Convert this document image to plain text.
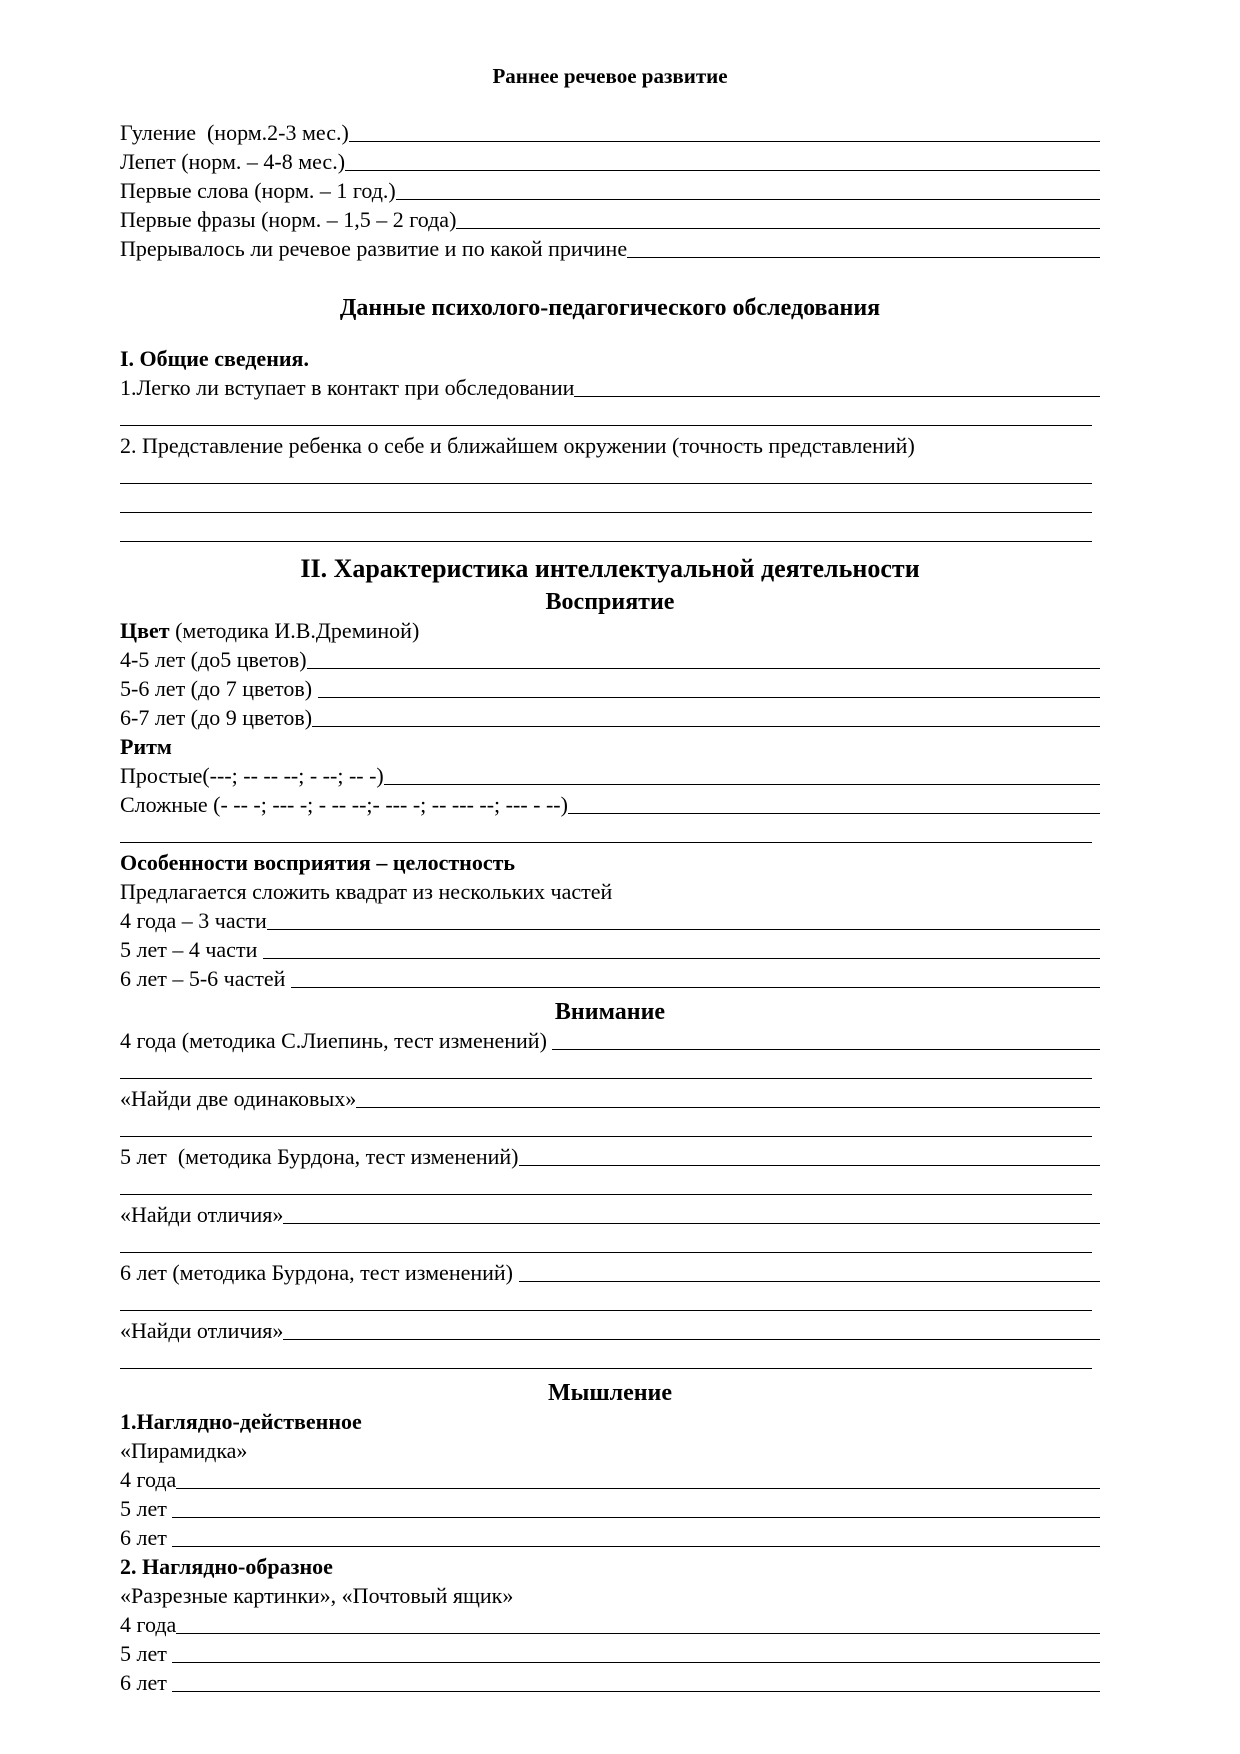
Раннее речевое развитие
Гуление  (норм.2-3 мес.)
Лепет (норм. – 4-8 мес.)
Первые слова (норм. – 1 год.)
Первые фразы (норм. – 1,5 – 2 года)
Прерывалось ли речевое развитие и по какой причине
Данные психолого-педагогического обследования
I. Общие сведения.
1.Легко ли вступает в контакт при обследовании
2. Представление ребенка о себе и ближайшем окружении (точность представлений)
II. Характеристика интеллектуальной деятельности
Восприятие
Цвет (методика И.В.Дреминой)
4-5 лет (до5 цветов)
5-6 лет (до 7 цветов)
6-7 лет (до 9 цветов)
Ритм
Простые(---; -- -- --; - --; -- -)
Сложные (- -- -; --- -; - -- --;- --- -; -- --- --; --- - --)
Особенности восприятия – целостность
Предлагается сложить квадрат из нескольких частей
4 года – 3 части
5 лет – 4 части
6 лет – 5-6 частей
Внимание
4 года (методика С.Лиепинь, тест изменений)
«Найди две одинаковых»
5 лет  (методика Бурдона, тест изменений)
«Найди отличия»
6 лет (методика Бурдона, тест изменений)
«Найди отличия»
Мышление
1.Наглядно-действенное
«Пирамидка»
4 года
5 лет
6 лет
2. Наглядно-образное
«Разрезные картинки», «Почтовый ящик»
4 года
5 лет
6 лет
